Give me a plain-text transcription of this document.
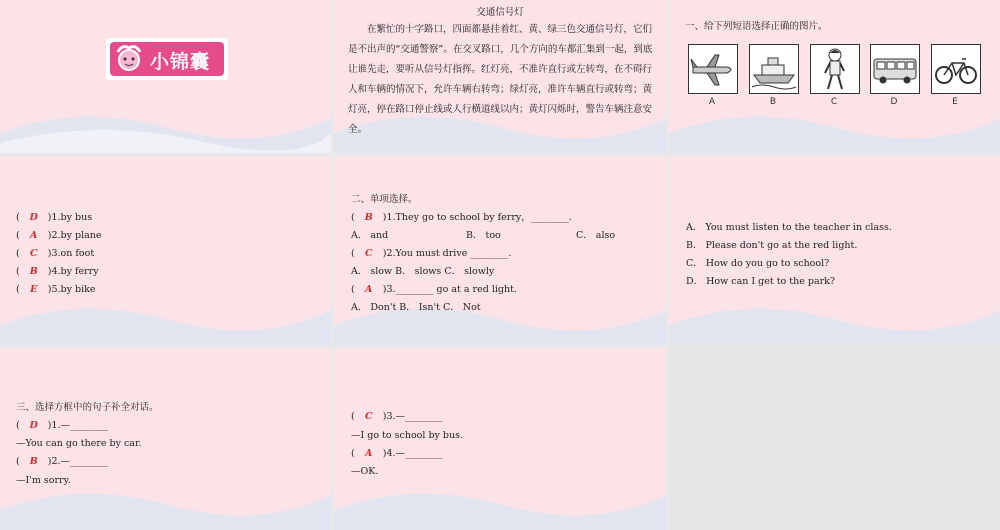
小锦囊
交通信号灯
在繁忙的十字路口，四面都悬挂着红、黄、绿三色交通信号灯，它们是不出声的“交通警察”。在交叉路口，几个方向的车都汇集到一起，到底让谁先走，要听从信号灯指挥。红灯亮，不准许直行或左转弯，在不碍行人和车辆的情况下，允许车辆右转弯；绿灯亮，准许车辆直行或转弯；黄灯亮，停在路口停止线或人行横道线以内；黄灯闪烁时，警告车辆注意安全。
一、给下列短语选择正确的图片。
A	B	C	D	E
( D )1.by bus
( A )2.by plane
( C )3.on foot
( B )4.by ferry
( E )5.by bike
二、单项选择。
( B )1.They go to school by ferry，________.
A． and	B． too	C． also
( C )2.You must drive ________.
A． slow B． slows C． slowly
( A )3.________ go at a red light.
A． Don't B． Isn't C． Not
A． You must listen to the teacher in class.
B． Please don't go at the red light.
C． How do you go to school?
D． How can I get to the park?
三、选择方框中的句子补全对话。
( D )1.—________
—You can go there by car.
( B )2.—________
—I'm sorry.
( C )3.—________
—I go to school by bus.
( A )4.—________
—OK.
